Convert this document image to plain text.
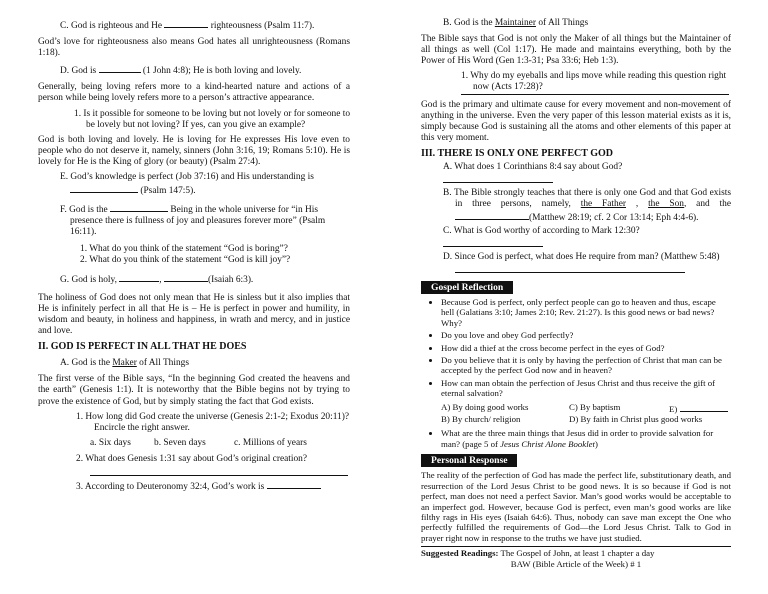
C. God is righteous and He	righteousness (Psalm 11:7).

God’s love for righteousness also means God hates all unrighteousness (Romans 1:18).

D. God is	(1 John 4:8); He is both loving and lovely.

Generally, being loving refers more to a kind-hearted nature and actions of a person while being lovely refers more to a person’s attractive appearance.

1. Is it possible for someone to be loving but not lovely or for someone to be lovely but not loving? If yes, can you give an example?

God is both loving and lovely. He is loving for He expresses His love even to people who do not deserve it, namely, sinners (John 3:16, 19; Romans 5:10). He is lovely for He is the King of glory (or beauty) (Psalm 27:4).

E. God’s knowledge is perfect (Job 37:16) and His understanding is  (Psalm 147:5).

F. God is the	Being in the whole universe for “in His presence there is fullness of joy and pleasures forever more” (Psalm 16:11).

1. What do you think of the statement “God is boring”?

2. What do you think of the statement “God is kill joy”?

G. God is holy,	,	(Isaiah 6:3).

The holiness of God does not only mean that He is sinless but it also implies that He is infinitely perfect in all that He is – He is perfect in power and humility, in wisdom and beauty, in holiness and happiness, in wrath and mercy, and in justice and love.

II. GOD IS PERFECT IN ALL THAT HE DOES

A. God is the Maker of All Things

The first verse of the Bible says, “In the beginning God created the heavens and the earth” (Genesis 1:1). It is noteworthy that the Bible begins not by trying to prove the existence of God, but by simply stating the fact that God exists.

1. How long did God create the universe (Genesis 2:1-2; Exodus 20:11)? Encircle the right answer.

a. Six days	b. Seven days	c. Millions of years

2. What does Genesis 1:31 say about God’s original creation?

3. According to Deuteronomy 32:4, God’s work is

B. God is the Maintainer of All Things

The Bible says that God is not only the Maker of all things but the Maintainer of all things as well (Col 1:17). He made and maintains everything, both by the Power of His Word (Gen 1:3-31; Psa 33:6; Heb 1:3).

1. Why do my eyeballs and lips move while reading this question right now (Acts 17:28)?

God is the primary and ultimate cause for every movement and non-movement of anything in the universe. Even the very paper of this lesson material exists as it is, simply because God is sustaining all the atoms and other elements of this paper at this very moment.

III. THERE IS ONLY ONE PERFECT GOD

A. What does 1 Corinthians 8:4 say about God?

B. The Bible strongly teaches that there is only one God and that God exists in three persons, namely, the Father , the Son, and the (Matthew 28:19; cf. 2 Cor 13:14; Eph 4:4-6).

C. What is God worthy of according to Mark 12:30?

D. Since God is perfect, what does He require from man? (Matthew 5:48)

Gospel Reflection
• Because God is perfect, only perfect people can go to heaven and thus, escape hell (Galatians 3:10; James 2:10; Rev. 21:27). Is this good news or bad news? Why?
• Do you love and obey God perfectly?
• How did a thief at the cross become perfect in the eyes of God?
• Do you believe that it is only by having the perfection of Christ that man can be accepted by the perfect God now and in heaven?
• How can man obtain the perfection of Jesus Christ and thus receive the gift of eternal salvation?
A) By doing good works	C) By baptism	E)
B) By church/ religion	D) By faith in Christ plus good works
• What are the three main things that Jesus did in order to provide salvation for man? (page 5 of Jesus Christ Alone Booklet)
Personal Response

The reality of the perfection of God has made the perfect life, substitutionary death, and resurrection of the Lord Jesus Christ to be good news. It is so because if God is not perfect, man does not need a perfect Savior. Man’s good works would be acceptable to an imperfect god. However, because God is perfect, even man’s good works are like filthy rags in His eyes (Isaiah 64:6). Thus, nobody can save man except the One who perfectly fulfilled the requirements of God—the Lord Jesus Christ. Talk to God in prayer right now in response to the truths we have just studied.

Suggested Readings: The Gospel of John, at least 1 chapter a day

BAW (Bible Article of the Week) # 1
